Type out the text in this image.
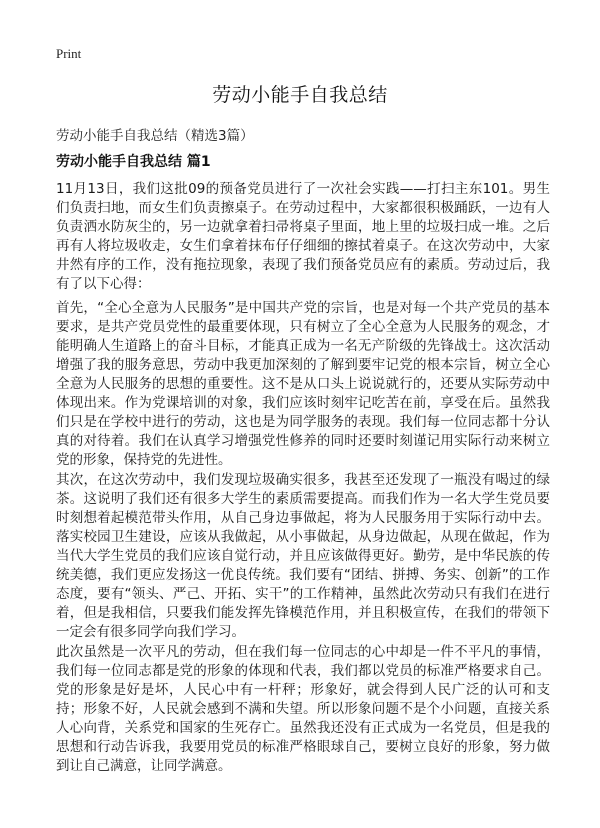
Print
劳动小能手自我总结
劳动小能手自我总结（精选3篇）
劳动小能手自我总结 篇1

11月13日，我们这批09的预备党员进行了一次社会实践——打扫主东101。男生们负责扫地，而女生们负责擦桌子。在劳动过程中，大家都很积极踊跃，一边有人负责洒水防灰尘的，另一边就拿着扫帚将桌子里面，地上里的垃圾扫成一堆。之后再有人将垃圾收走，女生们拿着抹布仔仔细细的擦拭着桌子。在这次劳动中，大家井然有序的工作，没有拖拉现象，表现了我们预备党员应有的素质。劳动过后，我有了以下心得：

首先，“全心全意为人民服务”是中国共产党的宗旨，也是对每一个共产党员的基本要求，是共产党员党性的最重要体现，只有树立了全心全意为人民服务的观念，才能明确人生道路上的奋斗目标，才能真正成为一名无产阶级的先锋战士。这次活动增强了我的服务意思，劳动中我更加深刻的了解到要牢记党的根本宗旨，树立全心全意为人民服务的思想的重要性。这不是从口头上说说就行的，还要从实际劳动中体现出来。作为党课培训的对象，我们应该时刻牢记吃苦在前，享受在后。虽然我们只是在学校中进行的劳动，这也是为同学服务的表现。我们每一位同志都十分认真的对待着。我们在认真学习增强党性修养的同时还要时刻谨记用实际行动来树立党的形象，保持党的先进性。

其次，在这次劳动中，我们发现垃圾确实很多，我甚至还发现了一瓶没有喝过的绿茶。这说明了我们还有很多大学生的素质需要提高。而我们作为一名大学生党员要时刻想着起模范带头作用，从自己身边事做起，将为人民服务用于实际行动中去。落实校园卫生建设，应该从我做起，从小事做起，从身边做起，从现在做起，作为当代大学生党员的我们应该自觉行动，并且应该做得更好。勤劳，是中华民族的传统美德，我们更应发扬这一优良传统。我们要有“团结、拼搏、务实、创新”的工作态度，要有“领头、严己、开拓、实干”的工作精神，虽然此次劳动只有我们在进行着，但是我相信，只要我们能发挥先锋模范作用，并且积极宣传，在我们的带领下一定会有很多同学向我们学习。

此次虽然是一次平凡的劳动，但在我们每一位同志的心中却是一件不平凡的事情，我们每一位同志都是党的形象的体现和代表，我们都以党员的标准严格要求自己。党的形象是好是坏，人民心中有一杆秤；形象好，就会得到人民广泛的认可和支持；形象不好，人民就会感到不满和失望。所以形象问题不是个小问题，直接关系人心向背，关系党和国家的生死存亡。虽然我还没有正式成为一名党员，但是我的思想和行动告诉我，我要用党员的标准严格眼球自己，要树立良好的形象，努力做到让自己满意，让同学满意。
